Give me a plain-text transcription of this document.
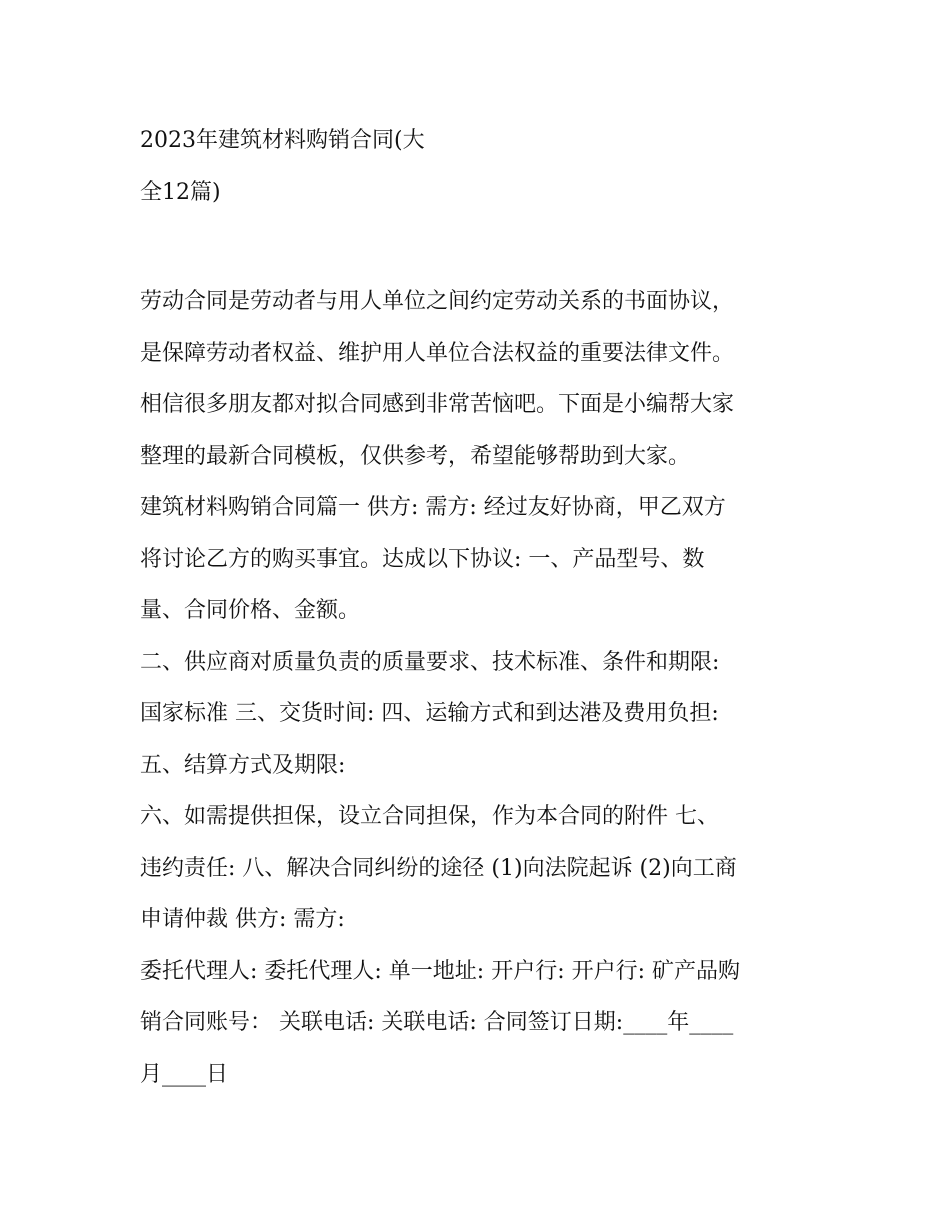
2023年建筑材料购销合同(大
全12篇)
劳动合同是劳动者与用人单位之间约定劳动关系的书面协议，
是保障劳动者权益、维护用人单位合法权益的重要法律文件。
相信很多朋友都对拟合同感到非常苦恼吧。下面是小编帮大家
整理的最新合同模板，仅供参考，希望能够帮助到大家。
建筑材料购销合同篇一 供方: 需方: 经过友好协商，甲乙双方
将讨论乙方的购买事宜。达成以下协议: 一、产品型号、数
量、合同价格、金额。
二、供应商对质量负责的质量要求、技术标准、条件和期限:
国家标准 三、交货时间: 四、运输方式和到达港及费用负担:
五、结算方式及期限:
六、如需提供担保，设立合同担保，作为本合同的附件 七、
违约责任: 八、解决合同纠纷的途径 (1)向法院起诉 (2)向工商
申请仲裁 供方: 需方:
委托代理人: 委托代理人: 单一地址: 开户行: 开户行: 矿产品购
销合同账号： 关联电话: 关联电话: 合同签订日期:____年____
月____日
